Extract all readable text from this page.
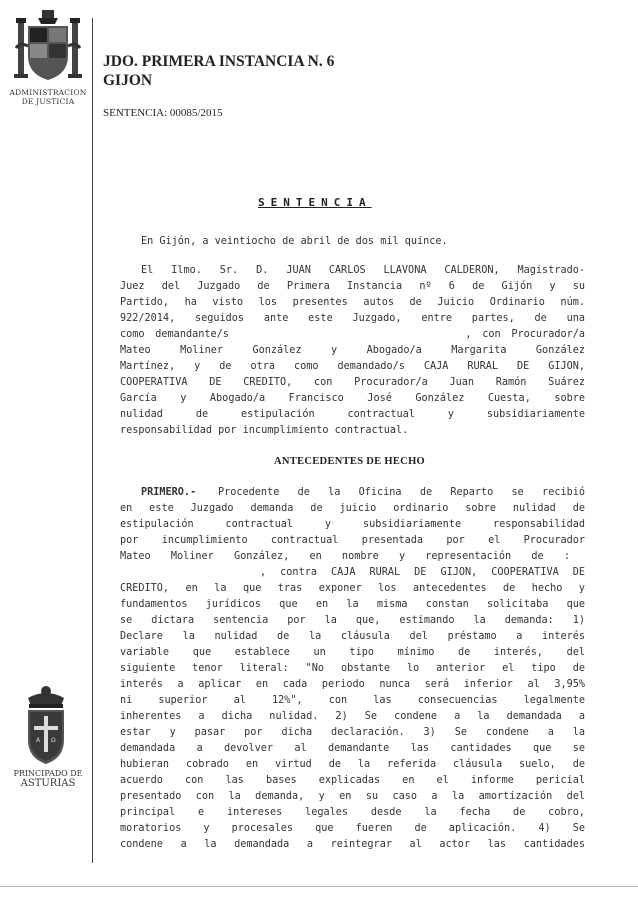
ADMINISTRACION
DE JUSTICIA
JDO. PRIMERA INSTANCIA N. 6
GIJON
SENTENCIA: 00085/2015
SENTENCIA
En Gijón, a veintiocho de abril de dos mil quince.
El Ilmo. Sr. D. JUAN CARLOS LLAVONA CALDERON, Magistrado-
Juez del Juzgado de Primera Instancia nº 6 de Gijón y su
Partido, ha visto los presentes autos de Juicio Ordinario núm.
922/2014, seguidos ante este Juzgado, entre partes, de una
como demandante/s                      , con Procurador/a
Mateo Moliner González y Abogado/a Margarita González
Martínez, y de otra como demandado/s CAJA RURAL DE GIJON,
COOPERATIVA DE CREDITO, con Procurador/a Juan Ramón Suárez
García y Abogado/a Francisco José González Cuesta, sobre
nulidad de estipulación contractual y subsidiariamente
responsabilidad por incumplimiento contractual.
ANTECEDENTES DE HECHO
PRIMERO.- Procedente de la Oficina de Reparto se recibió
en este Juzgado demanda de juicio ordinario sobre nulidad de
estipulación contractual y subsidiariamente responsabilidad
por incumplimiento contractual presentada por el Procurador
Mateo Moliner González, en nombre y representación de :
, contra CAJA RURAL DE GIJON, COOPERATIVA DE
CREDITO, en la que tras exponer los antecedentes de hecho y
fundamentos jurídicos que en la misma constan solicitaba que
se dictara sentencia por la que, estimando la demanda: 1)
Declare la nulidad de la cláusula del préstamo a interés
variable que establece un tipo mínimo de interés, del
siguiente tenor literal: "No obstante lo anterior el tipo de
interés a aplicar en cada periodo nunca será inferior al 3,95%
ni superior al 12%", con las consecuencias legalmente
inherentes a dicha nulidad. 2) Se condene a la demandada a
estar y pasar por dicha declaración. 3) Se condene a la
demandada a devolver al demandante las cantidades que se
hubieran cobrado en virtud de la referida cláusula suelo, de
acuerdo con las bases explicadas en el informe pericial
presentado con la demanda, y en su caso a la amortización del
principal e intereses legales desde la fecha de cobro,
moratorios y procesales que fueren de aplicación. 4) Se
condene a la demandada a reintegrar al actor las cantidades
A Ω
PRINCIPADO DE
ASTURIAS
